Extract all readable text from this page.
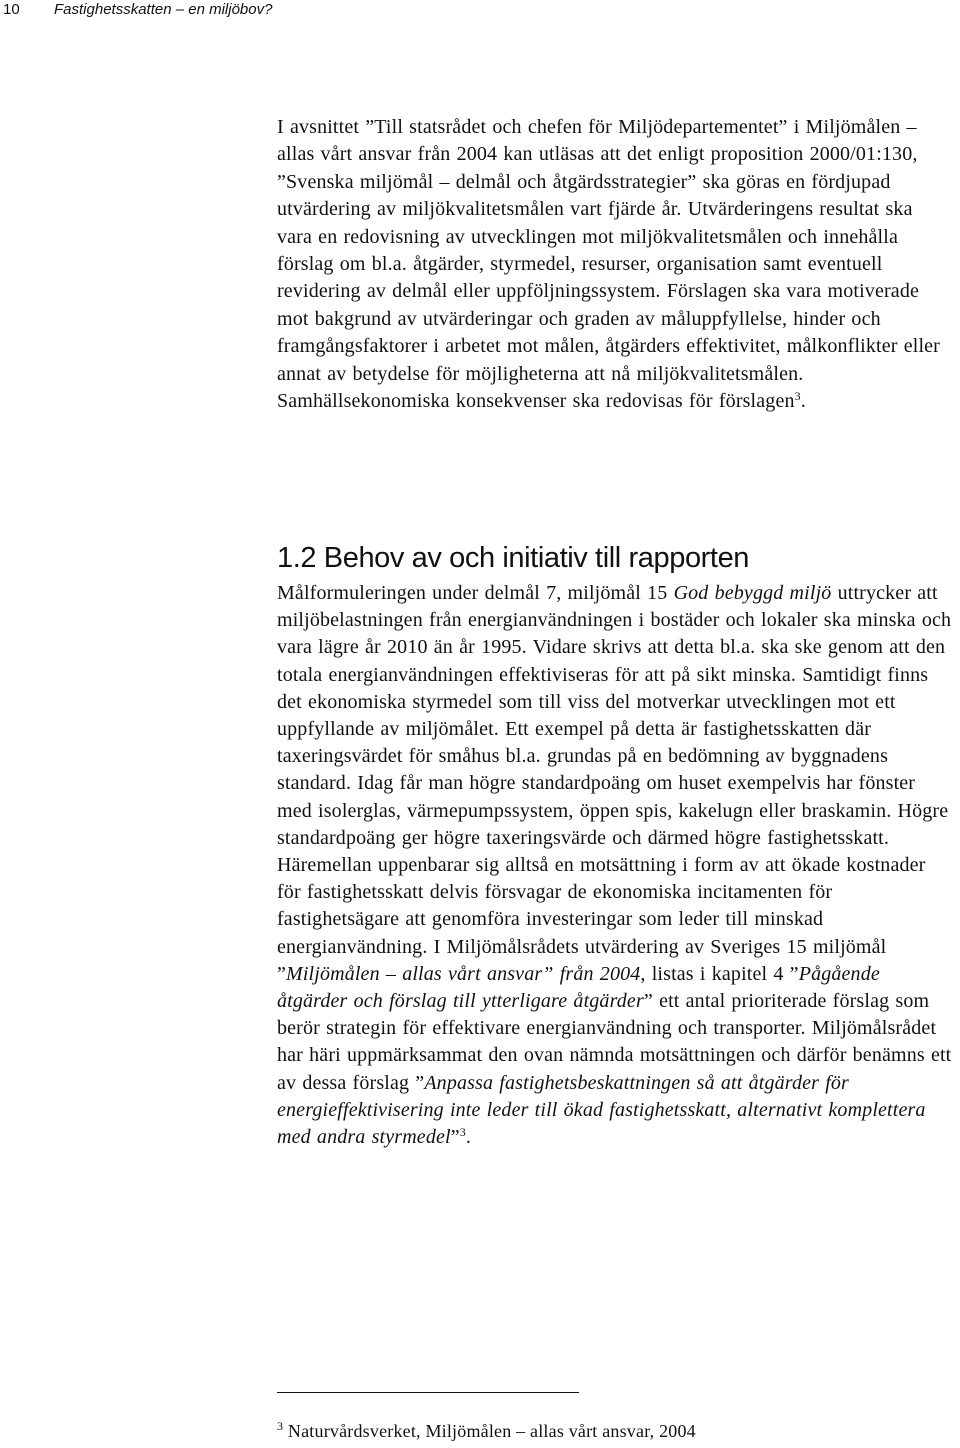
10 Fastighetsskatten – en miljöbov?

I avsnittet ”Till statsrådet och chefen för Miljödepartementet” i Miljömålen – allas vårt ansvar från 2004 kan utläsas att det enligt proposition 2000/01:130, ”Svenska miljömål – delmål och åtgärdsstrategier” ska göras en fördjupad utvärdering av miljökvalitetsmålen vart fjärde år. Utvärderingens resultat ska vara en redovisning av utvecklingen mot miljökvalitetsmålen och innehålla förslag om bl.a. åtgärder, styrmedel, resurser, organisation samt eventuell revidering av delmål eller uppföljningssystem. Förslagen ska vara motiverade mot bakgrund av utvärderingar och graden av måluppfyllelse, hinder och framgångsfaktorer i arbetet mot målen, åtgärders effektivitet, målkonflikter eller annat av betydelse för möjligheterna att nå miljökvalitetsmålen. Samhällsekonomiska konsekvenser ska redovisas för förslagen$^3$.

1.2 Behov av och initiativ till rapporten

Målformuleringen under delmål 7, miljömål 15 God bebyggd miljö uttrycker att miljöbelastningen från energianvändningen i bostäder och lokaler ska minska och vara lägre år 2010 än år 1995. Vidare skrivs att detta bl.a. ska ske genom att den totala energianvändningen effektiviseras för att på sikt minska. Samtidigt finns det ekonomiska styrmedel som till viss del motverkar utvecklingen mot ett uppfyllande av miljömålet. Ett exempel på detta är fastighetsskatten där taxeringsvärdet för småhus bl.a. grundas på en bedömning av byggnadens standard. Idag får man högre standardpoäng om huset exempelvis har fönster med isolerglas, värmepumpssystem, öppen spis, kakelugn eller braskamin. Högre standardpoäng ger högre taxeringsvärde och därmed högre fastighetsskatt. Häremellan uppenbarar sig alltså en motsättning i form av att ökade kostnader för fastighetsskatt delvis försvagar de ekonomiska incitamenten för fastighetsägare att genomföra investeringar som leder till minskad energianvändning. I Miljömålsrådets utvärdering av Sveriges 15 miljömål ”Miljömålen – allas vårt ansvar” från 2004, listas i kapitel 4 ”Pågående åtgärder och förslag till ytterligare åtgärder” ett antal prioriterade förslag som berör strategin för effektivare energianvändning och transporter. Miljömålsrådet har häri uppmärksammat den ovan nämnda motsättningen och därför benämns ett av dessa förslag ”Anpassa fastighetsbeskattningen så att åtgärder för energieffektivisering inte leder till ökad fastighetsskatt, alternativt komplettera med andra styrmedel”$^3$.

$^3$ Naturvårdsverket, Miljömålen – allas vårt ansvar, 2004
